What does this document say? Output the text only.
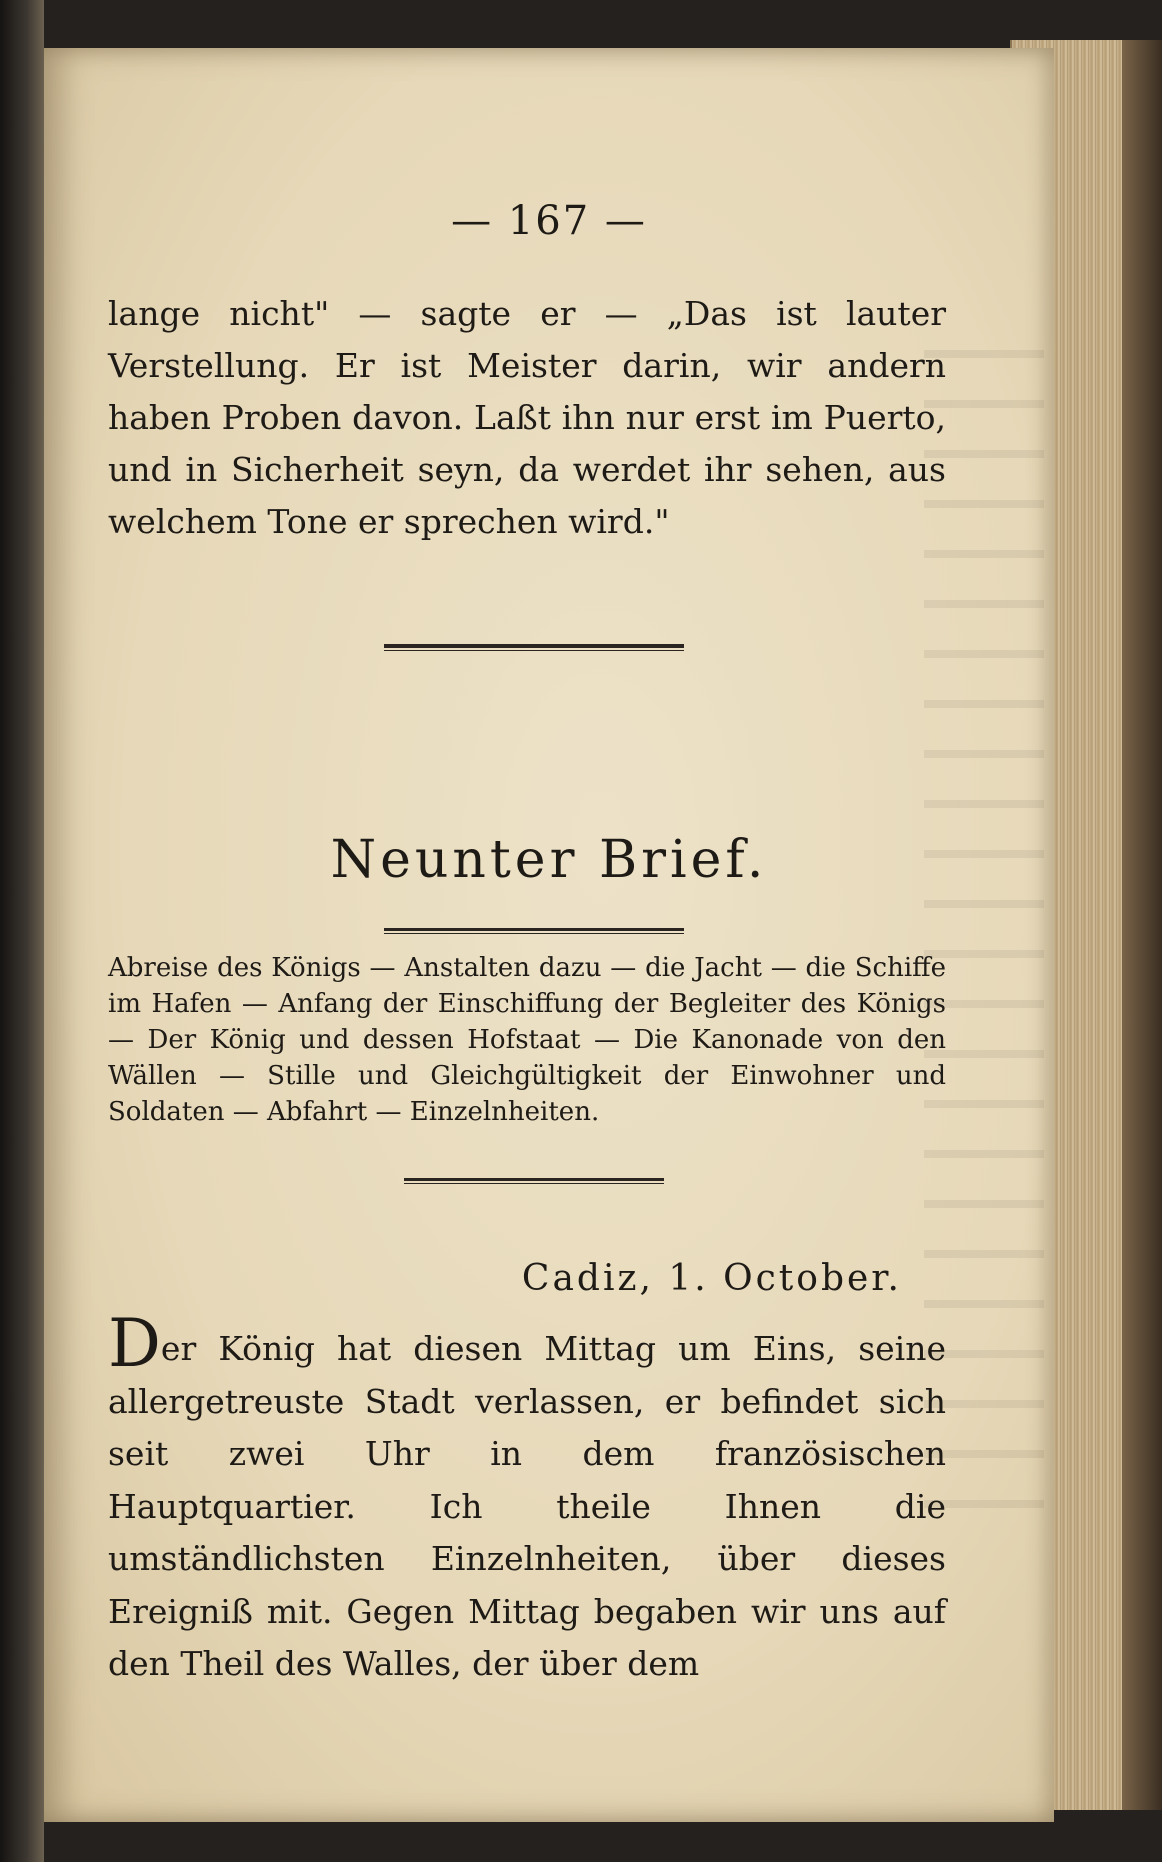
— 167 —

lange nicht" — sagte er — „Das ist lauter Verstellung. Er ist Meister darin, wir andern haben Proben davon. Laßt ihn nur erst im Puerto, und in Sicherheit seyn, da werdet ihr sehen, aus welchem Tone er sprechen wird."

Neunter Brief.

Abreise des Königs — Anstalten dazu — die Jacht — die Schiffe im Hafen — Anfang der Einschiffung der Begleiter des Königs — Der König und dessen Hofstaat — Die Kanonade von den Wällen — Stille und Gleichgültigkeit der Einwohner und Soldaten — Abfahrt — Einzelnheiten.

Cadiz, 1. October.

Der König hat diesen Mittag um Eins, seine allergetreuste Stadt verlassen, er befindet sich seit zwei Uhr in dem französischen Hauptquartier. Ich theile Ihnen die umständlichsten Einzelnheiten, über dieses Ereigniß mit. Gegen Mittag begaben wir uns auf den Theil des Walles, der über dem
